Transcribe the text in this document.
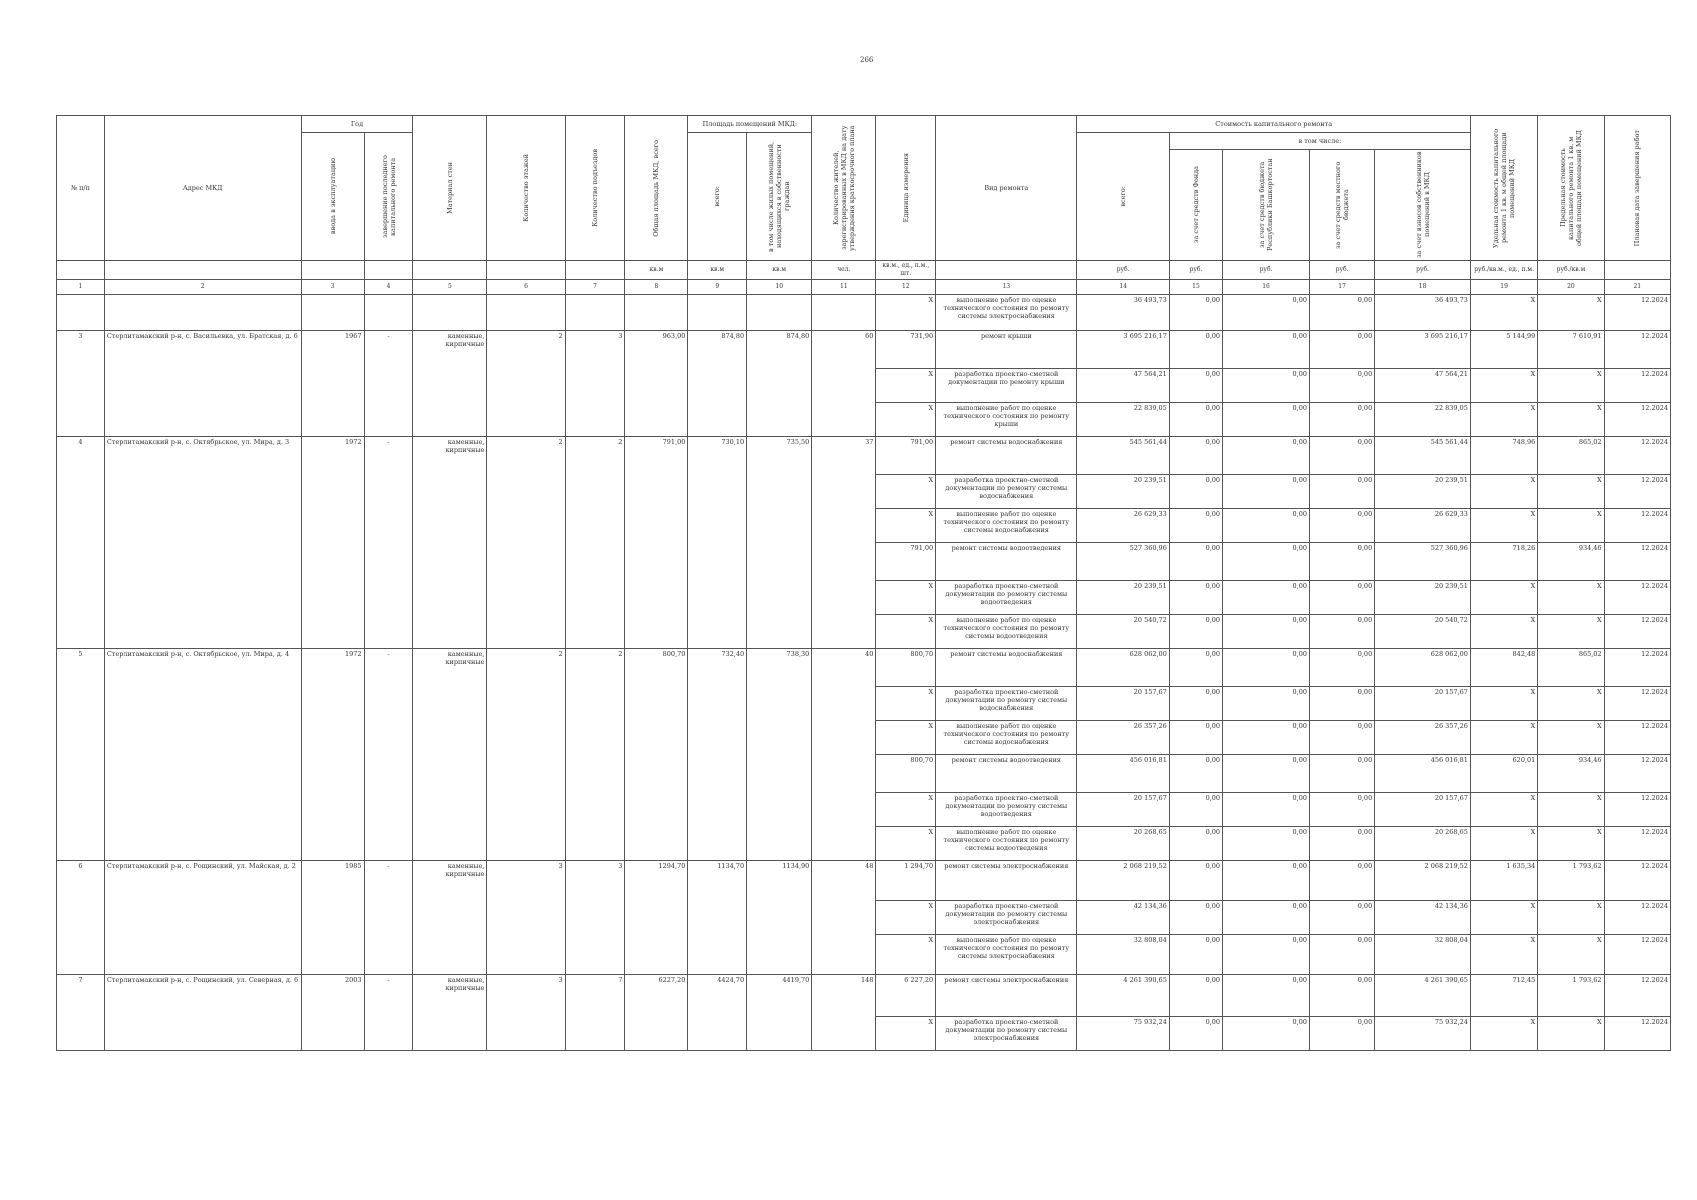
266
№ п/п	Адрес МКД	Год		Материал стен	Количество этажей	Количество подъездов	Общая площадь МКД, всего	Площадь помещений МКД:		Количество жителей, зарегистрированных в МКД на дату утверждения краткосрочного плана	Единица измерения	Вид ремонта	Стоимость капитального ремонта					Удельная стоимость капитального ремонта 1 кв. м общей площади помещений МКД	Предельная стоимость капитального ремонта 1 кв. м общей площади помещений МКД	Плановая дата завершения работ

		ввода в эксплуатацию	завершение последнего капитального ремонта					всего:	в том числе жилых помещений, находящихся в собственности граждан				всего:	в том числе:						

														за счет средств Фонда	за счет средств бюджета Республики Башкортостан	за счет средств местного бюджета	за счет взносов собственников помещений в МКД			

							кв.м	кв.м	кв.м	чел.	кв.м., ед., п.м., шт.		руб.	руб.	руб.	руб.	руб.	руб./кв.м., ед., п.м.	руб./кв.м	
1	2	3	4	5	6	7	8	9	10	11	12	13	14	15	16	17	18	19	20	21
											X	выполнение работ по оценке технического состояния по ремонту системы электроснабжения	36 493,73	0,00	0,00	0,00	36 493,73	X	X	12.2024
3	Стерлитамакский р-н, с. Васильевка, ул. Братская, д. 6	1967	-	каменные, кирпичные	2	3	963,00	874,80	874,80	60	731,90	ремонт крыши	3 695 216,17	0,00	0,00	0,00	3 695 216,17	5 144,99	7 610,91	12.2024
											X	разработка проектно-сметной документации по ремонту крыши	47 564,21	0,00	0,00	0,00	47 564,21	X	X	12.2024
											X	выполнение работ по оценке технического состояния по ремонту крыши	22 839,05	0,00	0,00	0,00	22 839,05	X	X	12.2024
4	Стерлитамакский р-н, с. Октябрьское, ул. Мира, д. 3	1972	-	каменные, кирпичные	2	2	791,00	730,10	735,50	37	791,00	ремонт системы водоснабжения	545 561,44	0,00	0,00	0,00	545 561,44	748,96	865,02	12.2024
											X	разработка проектно-сметной документации по ремонту системы водоснабжения	20 239,51	0,00	0,00	0,00	20 239,51	X	X	12.2024
											X	выполнение работ по оценке технического состояния по ремонту системы водоснабжения	26 629,33	0,00	0,00	0,00	26 629,33	X	X	12.2024
											791,00	ремонт системы водоотведения	527 360,96	0,00	0,00	0,00	527 360,96	718,26	934,46	12.2024
											X	разработка проектно-сметной документации по ремонту системы водоотведения	20 239,51	0,00	0,00	0,00	20 239,51	X	X	12.2024
											X	выполнение работ по оценке технического состояния по ремонту системы водоотведения	20 540,72	0,00	0,00	0,00	20 540,72	X	X	12.2024
5	Стерлитамакский р-н, с. Октябрьское, ул. Мира, д. 4	1972	-	каменные, кирпичные	2	2	800,70	732,40	738,30	40	800,70	ремонт системы водоснабжения	628 062,00	0,00	0,00	0,00	628 062,00	842,48	865,02	12.2024
											X	разработка проектно-сметной документации по ремонту системы водоснабжения	20 157,67	0,00	0,00	0,00	20 157,67	X	X	12.2024
											X	выполнение работ по оценке технического состояния по ремонту системы водоснабжения	26 357,26	0,00	0,00	0,00	26 357,26	X	X	12.2024
											800,70	ремонт системы водоотведения	456 016,81	0,00	0,00	0,00	456 016,81	620,01	934,46	12.2024
											X	разработка проектно-сметной документации по ремонту системы водоотведения	20 157,67	0,00	0,00	0,00	20 157,67	X	X	12.2024
											X	выполнение работ по оценке технического состояния по ремонту системы водоотведения	20 268,65	0,00	0,00	0,00	20 268,65	X	X	12.2024
6	Стерлитамакский р-н, с. Рощинский, ул. Майская, д. 2	1985	-	каменные, кирпичные	3	3	1294,70	1134,70	1134,90	48	1 294,70	ремонт системы электроснабжения	2 068 219,52	0,00	0,00	0,00	2 068 219,52	1 635,34	1 793,62	12.2024
											X	разработка проектно-сметной документации по ремонту системы электроснабжения	42 134,36	0,00	0,00	0,00	42 134,36	X	X	12.2024
											X	выполнение работ по оценке технического состояния по ремонту системы электроснабжения	32 808,04	0,00	0,00	0,00	32 808,04	X	X	12.2024
7	Стерлитамакский р-н, с. Рощинский, ул. Северная, д. 6	2003	-	каменные, кирпичные	3	7	6227,20	4424,70	4419,70	148	6 227,20	ремонт системы электроснабжения	4 261 390,65	0,00	0,00	0,00	4 261 390,65	712,45	1 793,62	12.2024
											X	разработка проектно-сметной документации по ремонту системы электроснабжения	75 932,24	0,00	0,00	0,00	75 932,24	X	X	12.2024
